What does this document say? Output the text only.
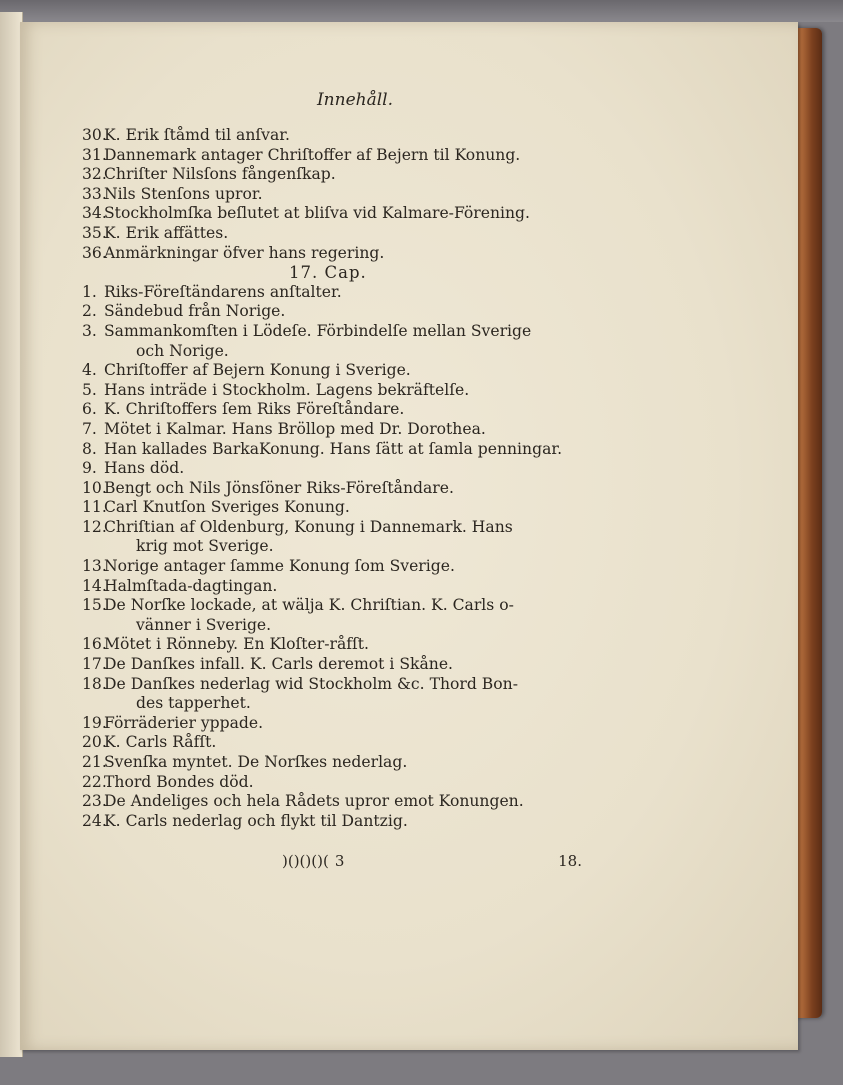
Innehåll.
30.
K. Erik ſtåmd til anſvar.
31.
Dannemark antager Chriſtoffer af Bejern til Konung.
32.
Chriſter Nilsſons fångenſkap.
33.
Nils Stenſons upror.
34.
Stockholmſka beſlutet at bliſva vid Kalmare-Förening.
35.
K. Erik affättes.
36.
Anmärkningar öfver hans regering.
17. Cap.
1. Riks-Föreſtändarens anſtalter.
2. Sändebud från Norige.
3. Sammankomſten i Lödeſe. Förbindelſe mellan Sverige
och Norige.
4. Chriſtoffer af Bejern Konung i Sverige.
5. Hans inträde i Stockholm. Lagens bekräftelſe.
6. K. Chriſtoffers ſem Riks Föreſtåndare.
7. Mötet i Kalmar. Hans Bröllop med Dr. Dorothea.
8. Han kallades BarkaKonung. Hans ſätt at ſamla penningar.
9. Hans död.
10.
Bengt och Nils Jönsſöner Riks-Föreſtåndare.
11.
Carl Knutſon Sveriges Konung.
12.
Chriſtian af Oldenburg, Konung i Dannemark. Hans
krig mot Sverige.
13.
Norige antager ſamme Konung ſom Sverige.
14.
Halmſtada-dagtingan.
15.
De Norſke lockade, at wälja K. Chriſtian. K. Carls o-
vänner i Sverige.
16.
Mötet i Rönneby. En Kloſter-råfſt.
17.
De Danſkes infall. K. Carls deremot i Skåne.
18.
De Danſkes nederlag wid Stockholm &c. Thord Bon-
des tapperhet.
19.
Förräderier yppade.
20.
K. Carls Råfſt.
21.
Svenſka myntet. De Norſkes nederlag.
22.
Thord Bondes död.
23.
De Andeliges och hela Rådets upror emot Konungen.
24.
K. Carls nederlag och flykt til Dantzig.
)()()()( 3	18.
